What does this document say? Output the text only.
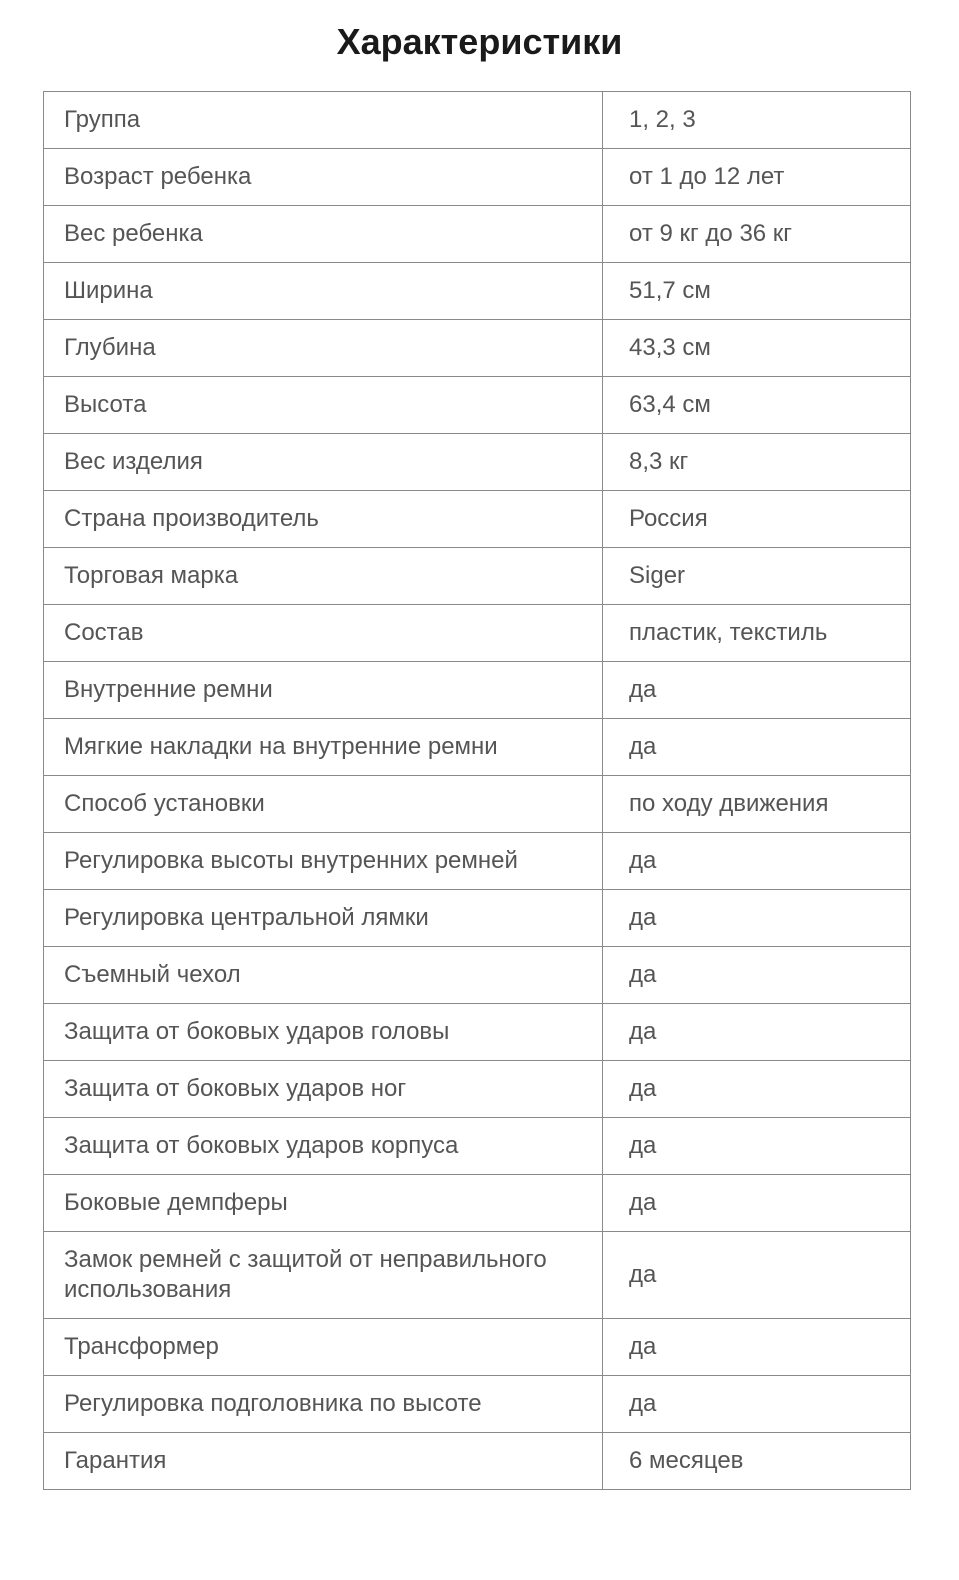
Характеристики
Группа	1, 2, 3
Возраст ребенка	от 1 до 12 лет
Вес ребенка	от 9 кг до 36 кг
Ширина	51,7 см
Глубина	43,3 см
Высота	63,4 см
Вес изделия	8,3 кг
Страна производитель	Россия
Торговая марка	Siger
Состав	пластик, текстиль
Внутренние ремни	да
Мягкие накладки на внутренние ремни	да
Способ установки	по ходу движения
Регулировка высоты внутренних ремней	да
Регулировка центральной лямки	да
Съемный чехол	да
Защита от боковых ударов головы	да
Защита от боковых ударов ног	да
Защита от боковых ударов корпуса	да
Боковые демпферы	да
Замок ремней с защитой от неправильного использования	да
Трансформер	да
Регулировка подголовника по высоте	да
Гарантия	6 месяцев
